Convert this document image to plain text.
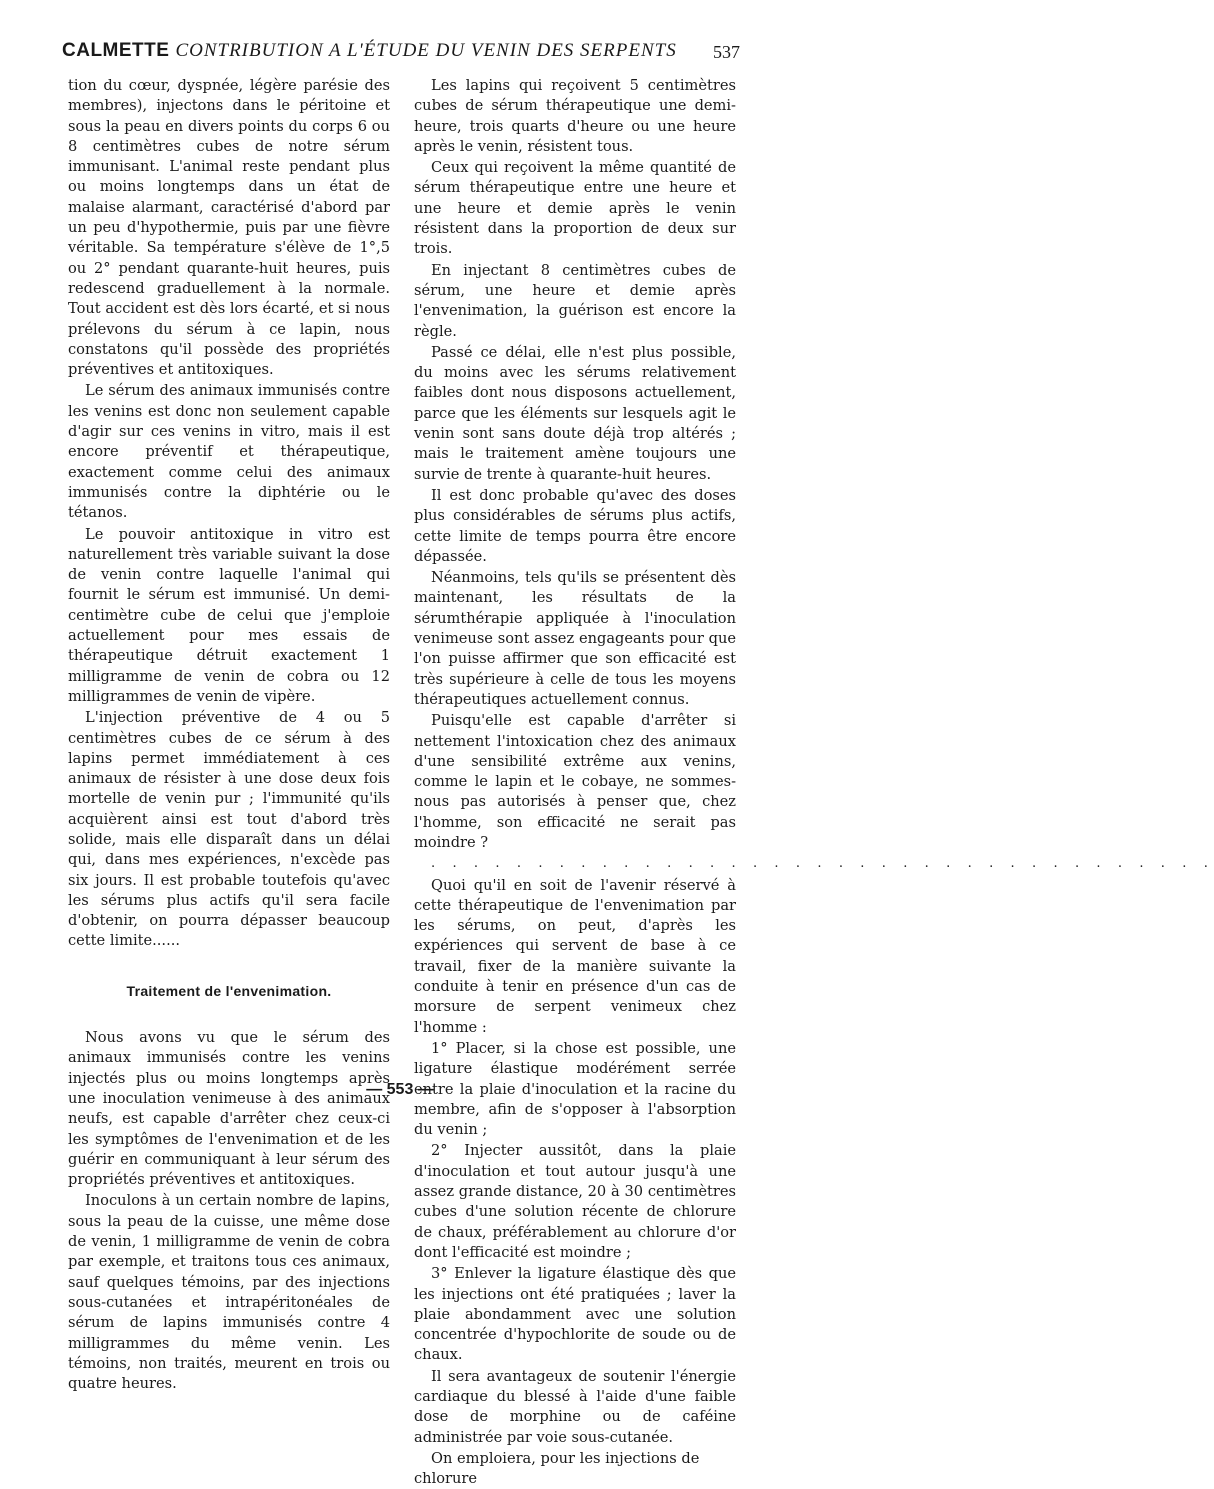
CALMETTE CONTRIBUTION A L'ÉTUDE DU VENIN DES SERPENTS 537

tion du cœur, dyspnée, légère parésie des membres), injectons dans le péritoine et sous la peau en divers points du corps 6 ou 8 centimètres cubes de notre sérum immunisant. L'animal reste pendant plus ou moins longtemps dans un état de malaise alarmant, caractérisé d'abord par un peu d'hypothermie, puis par une fièvre véritable. Sa température s'élève de 1°,5 ou 2° pendant quarante-huit heures, puis redescend graduellement à la normale. Tout accident est dès lors écarté, et si nous prélevons du sérum à ce lapin, nous constatons qu'il possède des propriétés préventives et antitoxiques.

Le sérum des animaux immunisés contre les venins est donc non seulement capable d'agir sur ces venins in vitro, mais il est encore préventif et thérapeutique, exactement comme celui des animaux immunisés contre la diphtérie ou le tétanos.

Le pouvoir antitoxique in vitro est naturellement très variable suivant la dose de venin contre laquelle l'animal qui fournit le sérum est immunisé. Un demi-centimètre cube de celui que j'emploie actuellement pour mes essais de thérapeutique détruit exactement 1 milligramme de venin de cobra ou 12 milligrammes de venin de vipère.

L'injection préventive de 4 ou 5 centimètres cubes de ce sérum à des lapins permet immédiatement à ces animaux de résister à une dose deux fois mortelle de venin pur ; l'immunité qu'ils acquièrent ainsi est tout d'abord très solide, mais elle disparaît dans un délai qui, dans mes expériences, n'excède pas six jours. Il est probable toutefois qu'avec les sérums plus actifs qu'il sera facile d'obtenir, on pourra dépasser beaucoup cette limite......

Traitement de l'envenimation.

Nous avons vu que le sérum des animaux immunisés contre les venins injectés plus ou moins longtemps après une inoculation venimeuse à des animaux neufs, est capable d'arrêter chez ceux-ci les symptômes de l'envenimation et de les guérir en communiquant à leur sérum des propriétés préventives et antitoxiques.

Inoculons à un certain nombre de lapins, sous la peau de la cuisse, une même dose de venin, 1 milligramme de venin de cobra par exemple, et traitons tous ces animaux, sauf quelques témoins, par des injections sous-cutanées et intrapéritonéales de sérum de lapins immunisés contre 4 milligrammes du même venin. Les témoins, non traités, meurent en trois ou quatre heures.

Les lapins qui reçoivent 5 centimètres cubes de sérum thérapeutique une demi-heure, trois quarts d'heure ou une heure après le venin, résistent tous.

Ceux qui reçoivent la même quantité de sérum thérapeutique entre une heure et une heure et demie après le venin résistent dans la proportion de deux sur trois.

En injectant 8 centimètres cubes de sérum, une heure et demie après l'envenimation, la guérison est encore la règle.

Passé ce délai, elle n'est plus possible, du moins avec les sérums relativement faibles dont nous disposons actuellement, parce que les éléments sur lesquels agit le venin sont sans doute déjà trop altérés ; mais le traitement amène toujours une survie de trente à quarante-huit heures.

Il est donc probable qu'avec des doses plus considérables de sérums plus actifs, cette limite de temps pourra être encore dépassée.

Néanmoins, tels qu'ils se présentent dès maintenant, les résultats de la sérumthérapie appliquée à l'inoculation venimeuse sont assez engageants pour que l'on puisse affirmer que son efficacité est très supérieure à celle de tous les moyens thérapeutiques actuellement connus.

Puisqu'elle est capable d'arrêter si nettement l'intoxication chez des animaux d'une sensibilité extrême aux venins, comme le lapin et le cobaye, ne sommes-nous pas autorisés à penser que, chez l'homme, son efficacité ne serait pas moindre ?

. . . . . . . . . . . . . . . . . . . . . . . . . . . . . . . . . . . . .

Quoi qu'il en soit de l'avenir réservé à cette thérapeutique de l'envenimation par les sérums, on peut, d'après les expériences qui servent de base à ce travail, fixer de la manière suivante la conduite à tenir en présence d'un cas de morsure de serpent venimeux chez l'homme :

1° Placer, si la chose est possible, une ligature élastique modérément serrée entre la plaie d'inoculation et la racine du membre, afin de s'opposer à l'absorption du venin ;

2° Injecter aussitôt, dans la plaie d'inoculation et tout autour jusqu'à une assez grande distance, 20 à 30 centimètres cubes d'une solution récente de chlorure de chaux, préférablement au chlorure d'or dont l'efficacité est moindre ;

3° Enlever la ligature élastique dès que les injections ont été pratiquées ; laver la plaie abondamment avec une solution concentrée d'hypochlorite de soude ou de chaux.

Il sera avantageux de soutenir l'énergie cardiaque du blessé à l'aide d'une faible dose de morphine ou de caféine administrée par voie sous-cutanée.

On emploiera, pour les injections de chlorure

— 553 —
